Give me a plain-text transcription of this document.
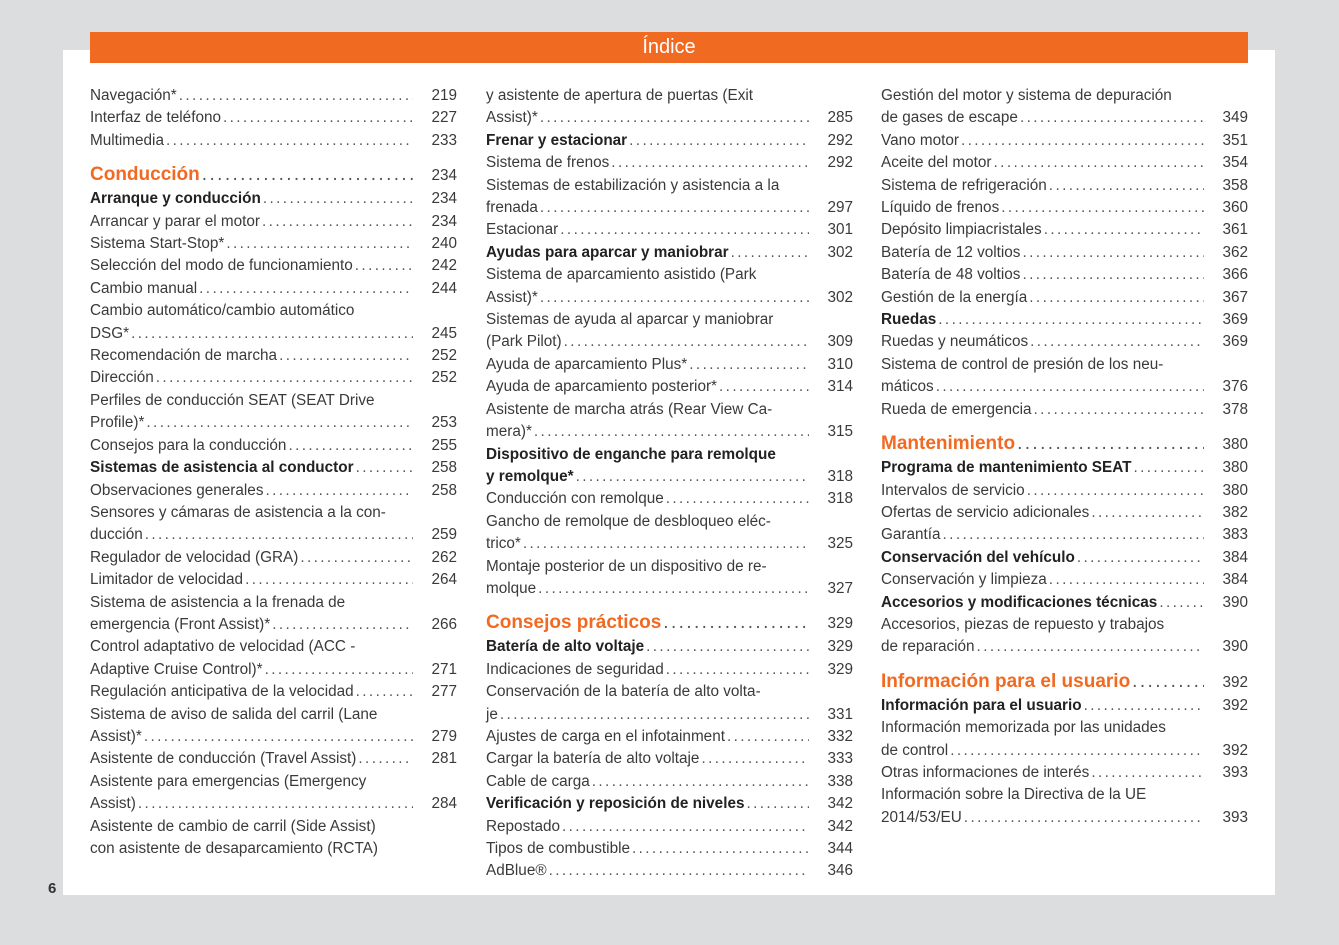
Índice
Navegación* .....	219
Interfaz de teléfono .....	227
Multimedia .....	233
Conducción .....	234
Arranque y conducción .....	234
Arrancar y parar el motor .....	234
Sistema Start-Stop* .....	240
Selección del modo de funcionamiento .....	242
Cambio manual .....	244
Cambio automático/cambio automático
DSG* .....	245
Recomendación de marcha .....	252
Dirección .....	252
Perfiles de conducción SEAT (SEAT Drive
Profile)* .....	253
Consejos para la conducción .....	255
Sistemas de asistencia al conductor .....	258
Observaciones generales .....	258
Sensores y cámaras de asistencia a la con-
ducción .....	259
Regulador de velocidad (GRA) .....	262
Limitador de velocidad .....	264
Sistema de asistencia a la frenada de
emergencia (Front Assist)* .....	266
Control adaptativo de velocidad (ACC -
Adaptive Cruise Control)* .....	271
Regulación anticipativa de la velocidad .....	277
Sistema de aviso de salida del carril (Lane
Assist)* .....	279
Asistente de conducción (Travel Assist) .....	281
Asistente para emergencias (Emergency
Assist) .....	284
Asistente de cambio de carril (Side Assist)
con asistente de desaparcamiento (RCTA)
y asistente de apertura de puertas (Exit
Assist)* .....	285
Frenar y estacionar .....	292
Sistema de frenos .....	292
Sistemas de estabilización y asistencia a la
frenada .....	297
Estacionar .....	301
Ayudas para aparcar y maniobrar .....	302
Sistema de aparcamiento asistido (Park
Assist)* .....	302
Sistemas de ayuda al aparcar y maniobrar
(Park Pilot) .....	309
Ayuda de aparcamiento Plus* .....	310
Ayuda de aparcamiento posterior* .....	314
Asistente de marcha atrás (Rear View Ca-
mera)* .....	315
Dispositivo de enganche para remolque
y remolque* .....	318
Conducción con remolque .....	318
Gancho de remolque de desbloqueo eléc-
trico* .....	325
Montaje posterior de un dispositivo de re-
molque .....	327
Consejos prácticos .....	329
Batería de alto voltaje .....	329
Indicaciones de seguridad .....	329
Conservación de la batería de alto volta-
je .....	331
Ajustes de carga en el infotainment .....	332
Cargar la batería de alto voltaje .....	333
Cable de carga .....	338
Verificación y reposición de niveles .....	342
Repostado .....	342
Tipos de combustible .....	344
AdBlue® .....	346
Gestión del motor y sistema de depuración
de gases de escape .....	349
Vano motor .....	351
Aceite del motor .....	354
Sistema de refrigeración .....	358
Líquido de frenos .....	360
Depósito limpiacristales .....	361
Batería de 12 voltios .....	362
Batería de 48 voltios .....	366
Gestión de la energía .....	367
Ruedas .....	369
Ruedas y neumáticos .....	369
Sistema de control de presión de los neu-
máticos .....	376
Rueda de emergencia .....	378
Mantenimiento .....	380
Programa de mantenimiento SEAT .....	380
Intervalos de servicio .....	380
Ofertas de servicio adicionales .....	382
Garantía .....	383
Conservación del vehículo .....	384
Conservación y limpieza .....	384
Accesorios y modificaciones técnicas .....	390
Accesorios, piezas de repuesto y trabajos
de reparación .....	390
Información para el usuario .....	392
Información para el usuario .....	392
Información memorizada por las unidades
de control .....	392
Otras informaciones de interés .....	393
Información sobre la Directiva de la UE
2014/53/EU .....	393
6
